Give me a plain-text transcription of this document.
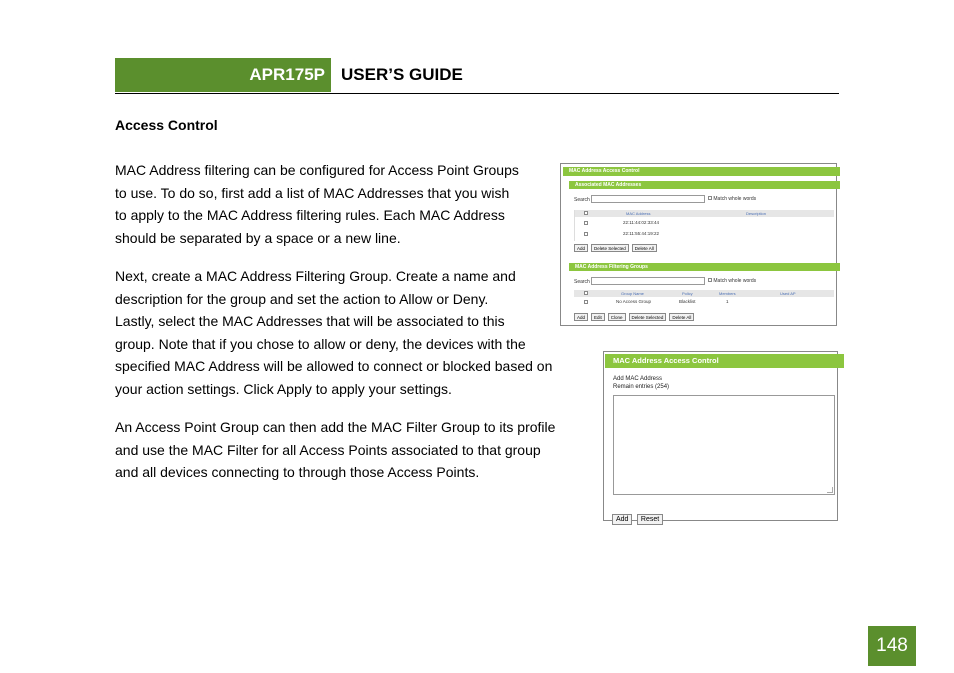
APR175P USER’S GUIDE
Access Control
MAC Address filtering can be configured for Access Point Groups
to use. To do so, first add a list of MAC Addresses that you wish
to apply to the MAC Address filtering rules. Each MAC Address
should be separated by a space or a new line.
Next, create a MAC Address Filtering Group. Create a name and
description for the group and set the action to Allow or Deny.
Lastly, select the MAC Addresses that will be associated to this
group. Note that if you chose to allow or deny, the devices with the
specified MAC Address will be allowed to connect or blocked based on
your action settings. Click Apply to apply your settings.
An Access Point Group can then add the MAC Filter Group to its profile
and use the MAC Filter for all Access Points associated to that group
and all devices connecting to through those Access Points.
MAC Address Access Control
Associated MAC Addresses
Search	Match whole words
MAC Address	Description
22:11:44:02:33:44
22:11:55:44:19:22
Add Delete Selected Delete All
MAC Address Filtering Groups
Search	Match whole words
Group Name	Policy	Members	Used AP
No Access Group	Blacklist	1
Add Edit Clone Delete Selected Delete All
MAC Address Access Control
Add MAC Address
Remain entries (254)
Add Reset
148
